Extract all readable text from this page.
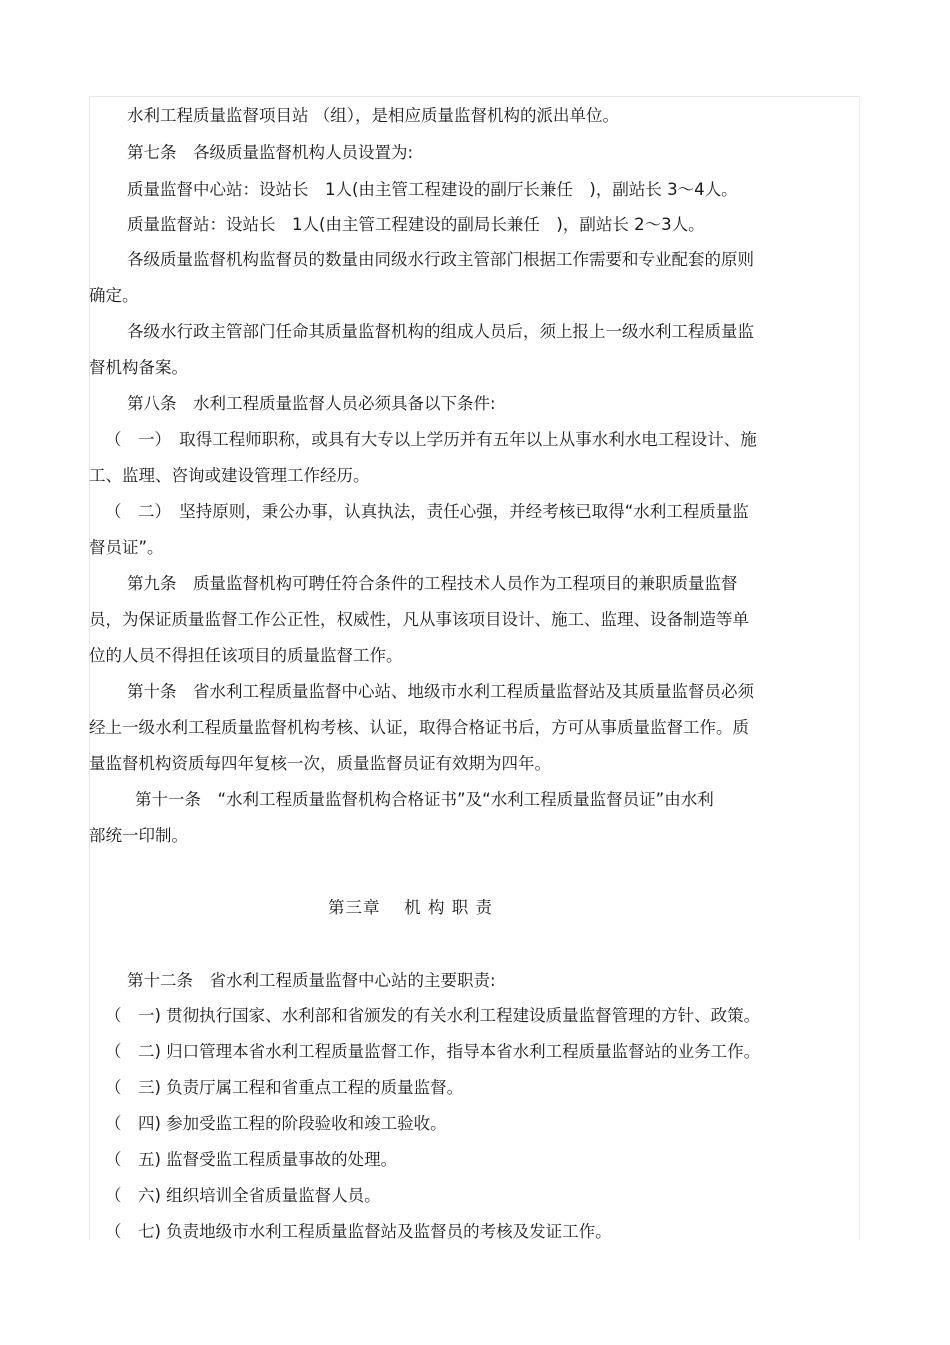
水利工程质量监督项目站 （组），是相应质量监督机构的派出单位。
第七条　各级质量监督机构人员设置为:
质量监督中心站：设站长　1人(由主管工程建设的副厅长兼任　)，副站长 3～4人。
质量监督站：设站长　1人(由主管工程建设的副局长兼任　)，副站长 2～3人。
各级质量监督机构监督员的数量由同级水行政主管部门根据工作需要和专业配套的原则
确定。
各级水行政主管部门任命其质量监督机构的组成人员后，须上报上一级水利工程质量监
督机构备案。
第八条　水利工程质量监督人员必须具备以下条件:
（　一）　取得工程师职称，或具有大专以上学历并有五年以上从事水利水电工程设计、施
工、监理、咨询或建设管理工作经历。
（　二）　坚持原则，秉公办事，认真执法，责任心强，并经考核已取得“水利工程质量监
督员证”。
第九条　质量监督机构可聘任符合条件的工程技术人员作为工程项目的兼职质量监督
员，为保证质量监督工作公正性，权威性，凡从事该项目设计、施工、监理、设备制造等单
位的人员不得担任该项目的质量监督工作。
第十条　省水利工程质量监督中心站、地级市水利工程质量监督站及其质量监督员必须
经上一级水利工程质量监督机构考核、认证，取得合格证书后，方可从事质量监督工作。质
量监督机构资质每四年复核一次，质量监督员证有效期为四年。
第十一条　“水利工程质量监督机构合格证书”及“水利工程质量监督员证”由水利
部统一印制。
第三章　 机 构 职 责
第十二条　省水利工程质量监督中心站的主要职责:
（　一) 贯彻执行国家、水利部和省颁发的有关水利工程建设质量监督管理的方针、政策。
（　二) 归口管理本省水利工程质量监督工作，指导本省水利工程质量监督站的业务工作。
（　三) 负责厅属工程和省重点工程的质量监督。
（　四) 参加受监工程的阶段验收和竣工验收。
（　五) 监督受监工程质量事故的处理。
（　六) 组织培训全省质量监督人员。
（　七) 负责地级市水利工程质量监督站及监督员的考核及发证工作。
